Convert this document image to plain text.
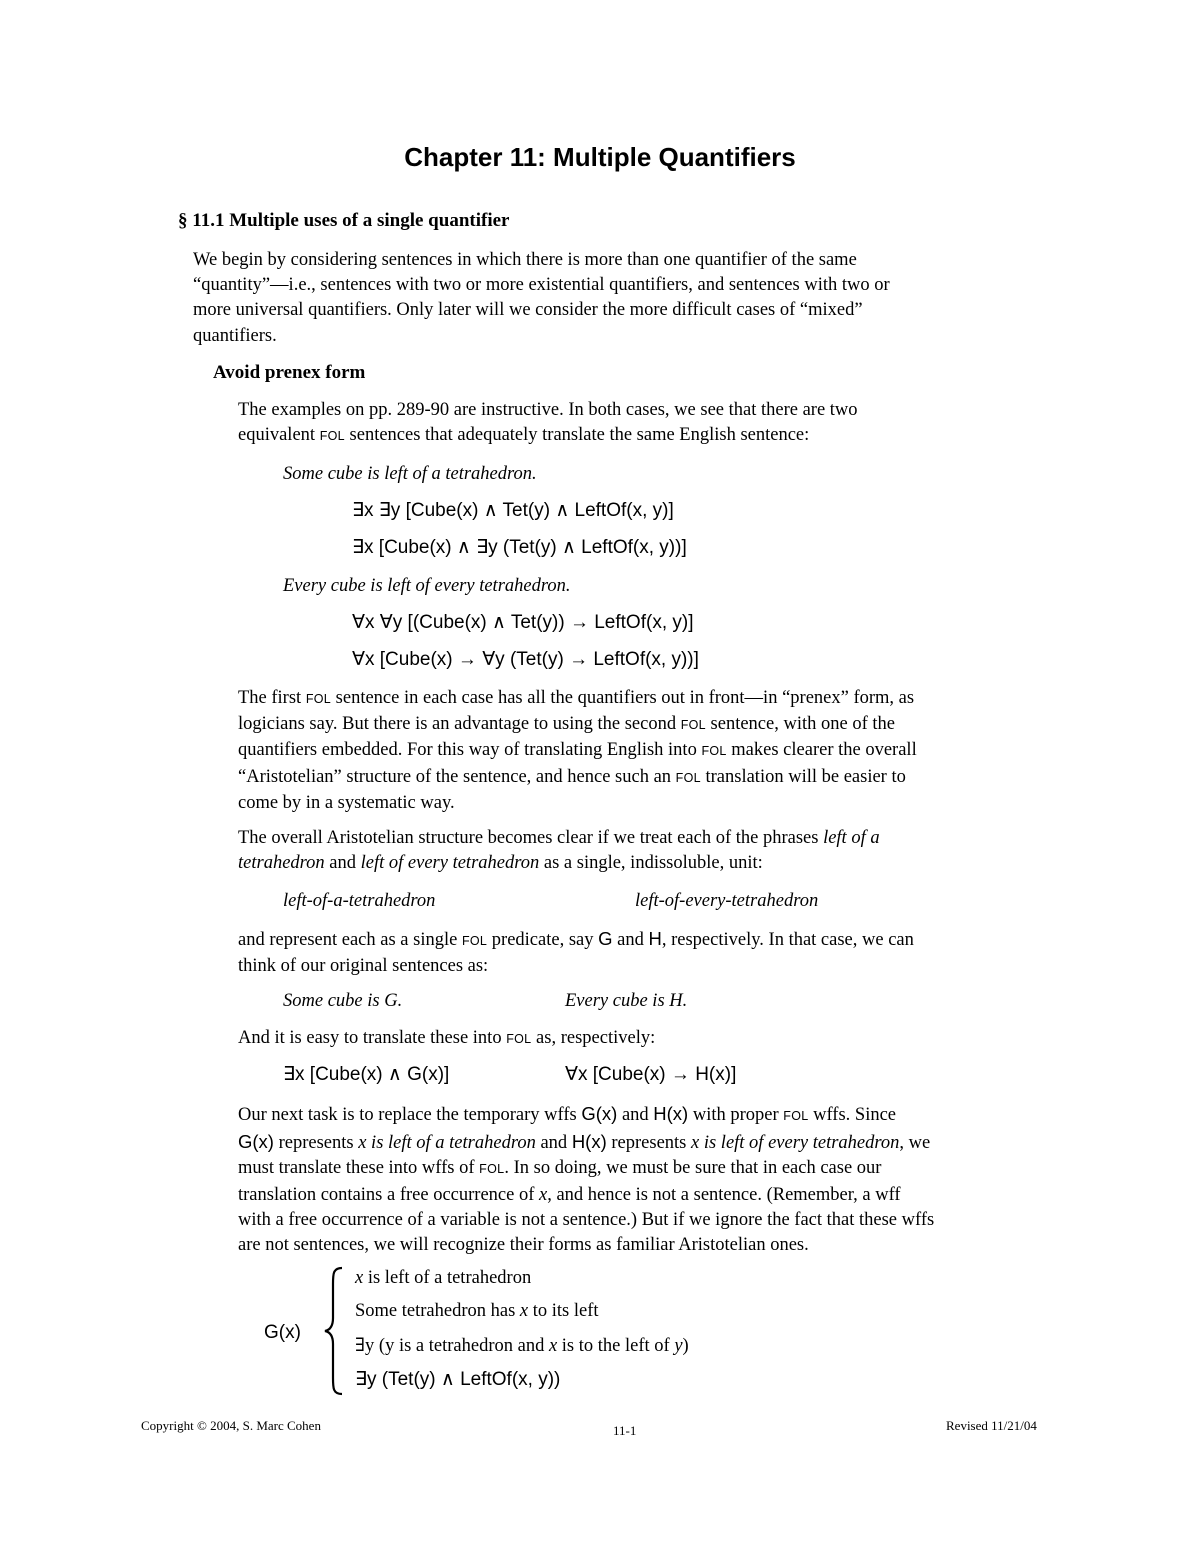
Chapter 11: Multiple Quantifiers
§ 11.1 Multiple uses of a single quantifier
We begin by considering sentences in which there is more than one quantifier of the same
“quantity”—i.e., sentences with two or more existential quantifiers, and sentences with two or
more universal quantifiers. Only later will we consider the more difficult cases of “mixed”
quantifiers.
Avoid prenex form
The examples on pp. 289-90 are instructive. In both cases, we see that there are two
equivalent FOL sentences that adequately translate the same English sentence:
Some cube is left of a tetrahedron.
∃x ∃y [Cube(x) ∧ Tet(y) ∧ LeftOf(x, y)]
∃x [Cube(x) ∧ ∃y (Tet(y) ∧ LeftOf(x, y))]
Every cube is left of every tetrahedron.
∀x ∀y [(Cube(x) ∧ Tet(y)) → LeftOf(x, y)]
∀x [Cube(x) → ∀y (Tet(y) → LeftOf(x, y))]
The first FOL sentence in each case has all the quantifiers out in front—in “prenex” form, as
logicians say. But there is an advantage to using the second FOL sentence, with one of the
quantifiers embedded. For this way of translating English into FOL makes clearer the overall
“Aristotelian” structure of the sentence, and hence such an FOL translation will be easier to
come by in a systematic way.
The overall Aristotelian structure becomes clear if we treat each of the phrases left of a
tetrahedron and left of every tetrahedron as a single, indissoluble, unit:
left-of-a-tetrahedron	left-of-every-tetrahedron
and represent each as a single FOL predicate, say G and H, respectively. In that case, we can
think of our original sentences as:
Some cube is G.	Every cube is H.
And it is easy to translate these into FOL as, respectively:
∃x [Cube(x) ∧ G(x)]	∀x [Cube(x) → H(x)]
Our next task is to replace the temporary wffs G(x) and H(x) with proper FOL wffs. Since
G(x) represents x is left of a tetrahedron and H(x) represents x is left of every tetrahedron, we
must translate these into wffs of FOL. In so doing, we must be sure that in each case our
translation contains a free occurrence of x, and hence is not a sentence. (Remember, a wff
with a free occurrence of a variable is not a sentence.) But if we ignore the fact that these wffs
are not sentences, we will recognize their forms as familiar Aristotelian ones.
G(x)
x is left of a tetrahedron
Some tetrahedron has x to its left
∃y (y is a tetrahedron and x is to the left of y)
∃y (Tet(y) ∧ LeftOf(x, y))
Copyright © 2004, S. Marc Cohen	11-1	Revised 11/21/04
